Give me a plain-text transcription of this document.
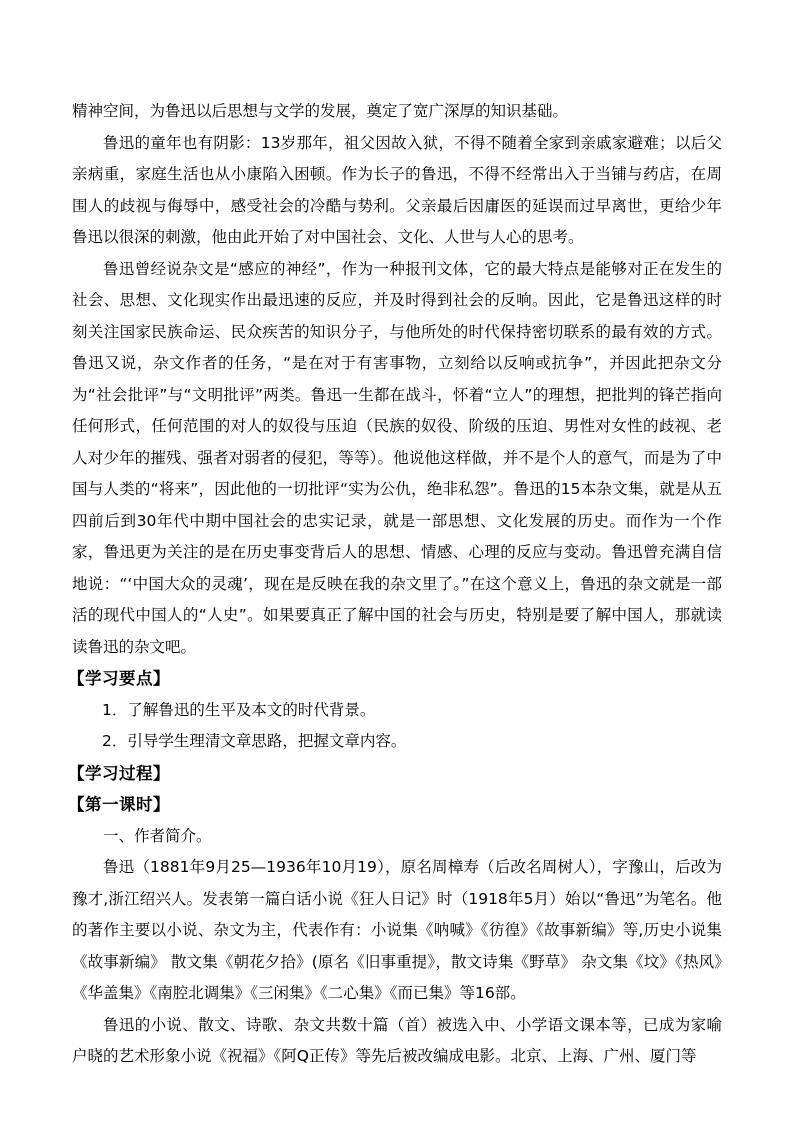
精神空间，为鲁迅以后思想与文学的发展，奠定了宽广深厚的知识基础。

鲁迅的童年也有阴影：13岁那年，祖父因故入狱，不得不随着全家到亲戚家避难；以后父亲病重，家庭生活也从小康陷入困顿。作为长子的鲁迅，不得不经常出入于当铺与药店，在周围人的歧视与侮辱中，感受社会的冷酷与势利。父亲最后因庸医的延误而过早离世，更给少年鲁迅以很深的刺激，他由此开始了对中国社会、文化、人世与人心的思考。

鲁迅曾经说杂文是“感应的神经”，作为一种报刊文体，它的最大特点是能够对正在发生的社会、思想、文化现实作出最迅速的反应，并及时得到社会的反响。因此，它是鲁迅这样的时刻关注国家民族命运、民众疾苦的知识分子，与他所处的时代保持密切联系的最有效的方式。鲁迅又说，杂文作者的任务，“是在对于有害事物，立刻给以反响或抗争”，并因此把杂文分为“社会批评”与“文明批评”两类。鲁迅一生都在战斗，怀着“立人”的理想，把批判的锋芒指向任何形式，任何范围的对人的奴役与压迫（民族的奴役、阶级的压迫、男性对女性的歧视、老人对少年的摧残、强者对弱者的侵犯，等等）。他说他这样做，并不是个人的意气，而是为了中国与人类的“将来”，因此他的一切批评“实为公仇，绝非私怨”。鲁迅的15本杂文集，就是从五四前后到30年代中期中国社会的忠实记录，就是一部思想、文化发展的历史。而作为一个作家，鲁迅更为关注的是在历史事变背后人的思想、情感、心理的反应与变动。鲁迅曾充满自信地说：“‘中国大众的灵魂’，现在是反映在我的杂文里了。”在这个意义上，鲁迅的杂文就是一部活的现代中国人的“人史”。如果要真正了解中国的社会与历史，特别是要了解中国人，那就读读鲁迅的杂文吧。

【学习要点】

1．了解鲁迅的生平及本文的时代背景。

2．引导学生理清文章思路，把握文章内容。

【学习过程】

【第一课时】

一、作者简介。

鲁迅（1881年9月25—1936年10月19），原名周樟寿（后改名周树人），字豫山，后改为豫才,浙江绍兴人。发表第一篇白话小说《狂人日记》时（1918年5月）始以“鲁迅”为笔名。他的著作主要以小说、杂文为主，代表作有：小说集《呐喊》《彷徨》《故事新编》等,历史小说集《故事新编》 散文集《朝花夕拾》(原名《旧事重提》，散文诗集《野草》 杂文集《坟》《热风》《华盖集》《南腔北调集》《三闲集》《二心集》《而已集》等16部。

鲁迅的小说、散文、诗歌、杂文共数十篇（首）被选入中、小学语文课本等，已成为家喻户晓的艺术形象小说《祝福》《阿Q正传》等先后被改编成电影。北京、上海、广州、厦门等
